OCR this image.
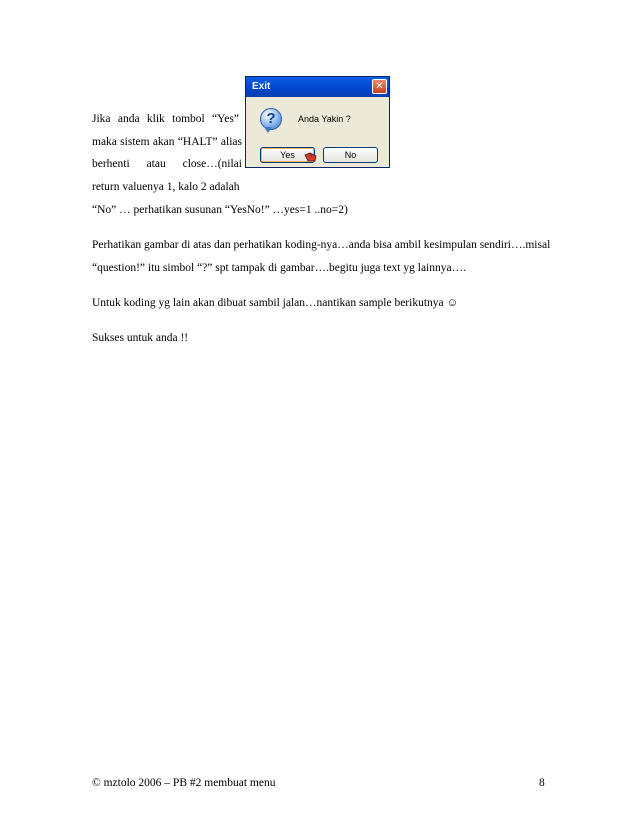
Jika anda klik tombol “Yes”
maka sistem akan “HALT” alias
berhenti atau close…(nilai
return valuenya 1, kalo 2 adalah
“No” … perhatikan susunan “YesNo!” …yes=1 ..no=2)
Perhatikan gambar di atas dan perhatikan koding-nya…anda bisa ambil kesimpulan sendiri….misal
“question!” itu simbol “?” spt tampak di gambar….begitu juga text yg lainnya….
Untuk koding yg lain akan dibuat sambil jalan…nantikan sample berikutnya ☺
Sukses untuk anda !!
Exit	✕
?	Anda Yakin ?
Yes	No
© mztolo 2006 – PB #2 membuat menu	8
